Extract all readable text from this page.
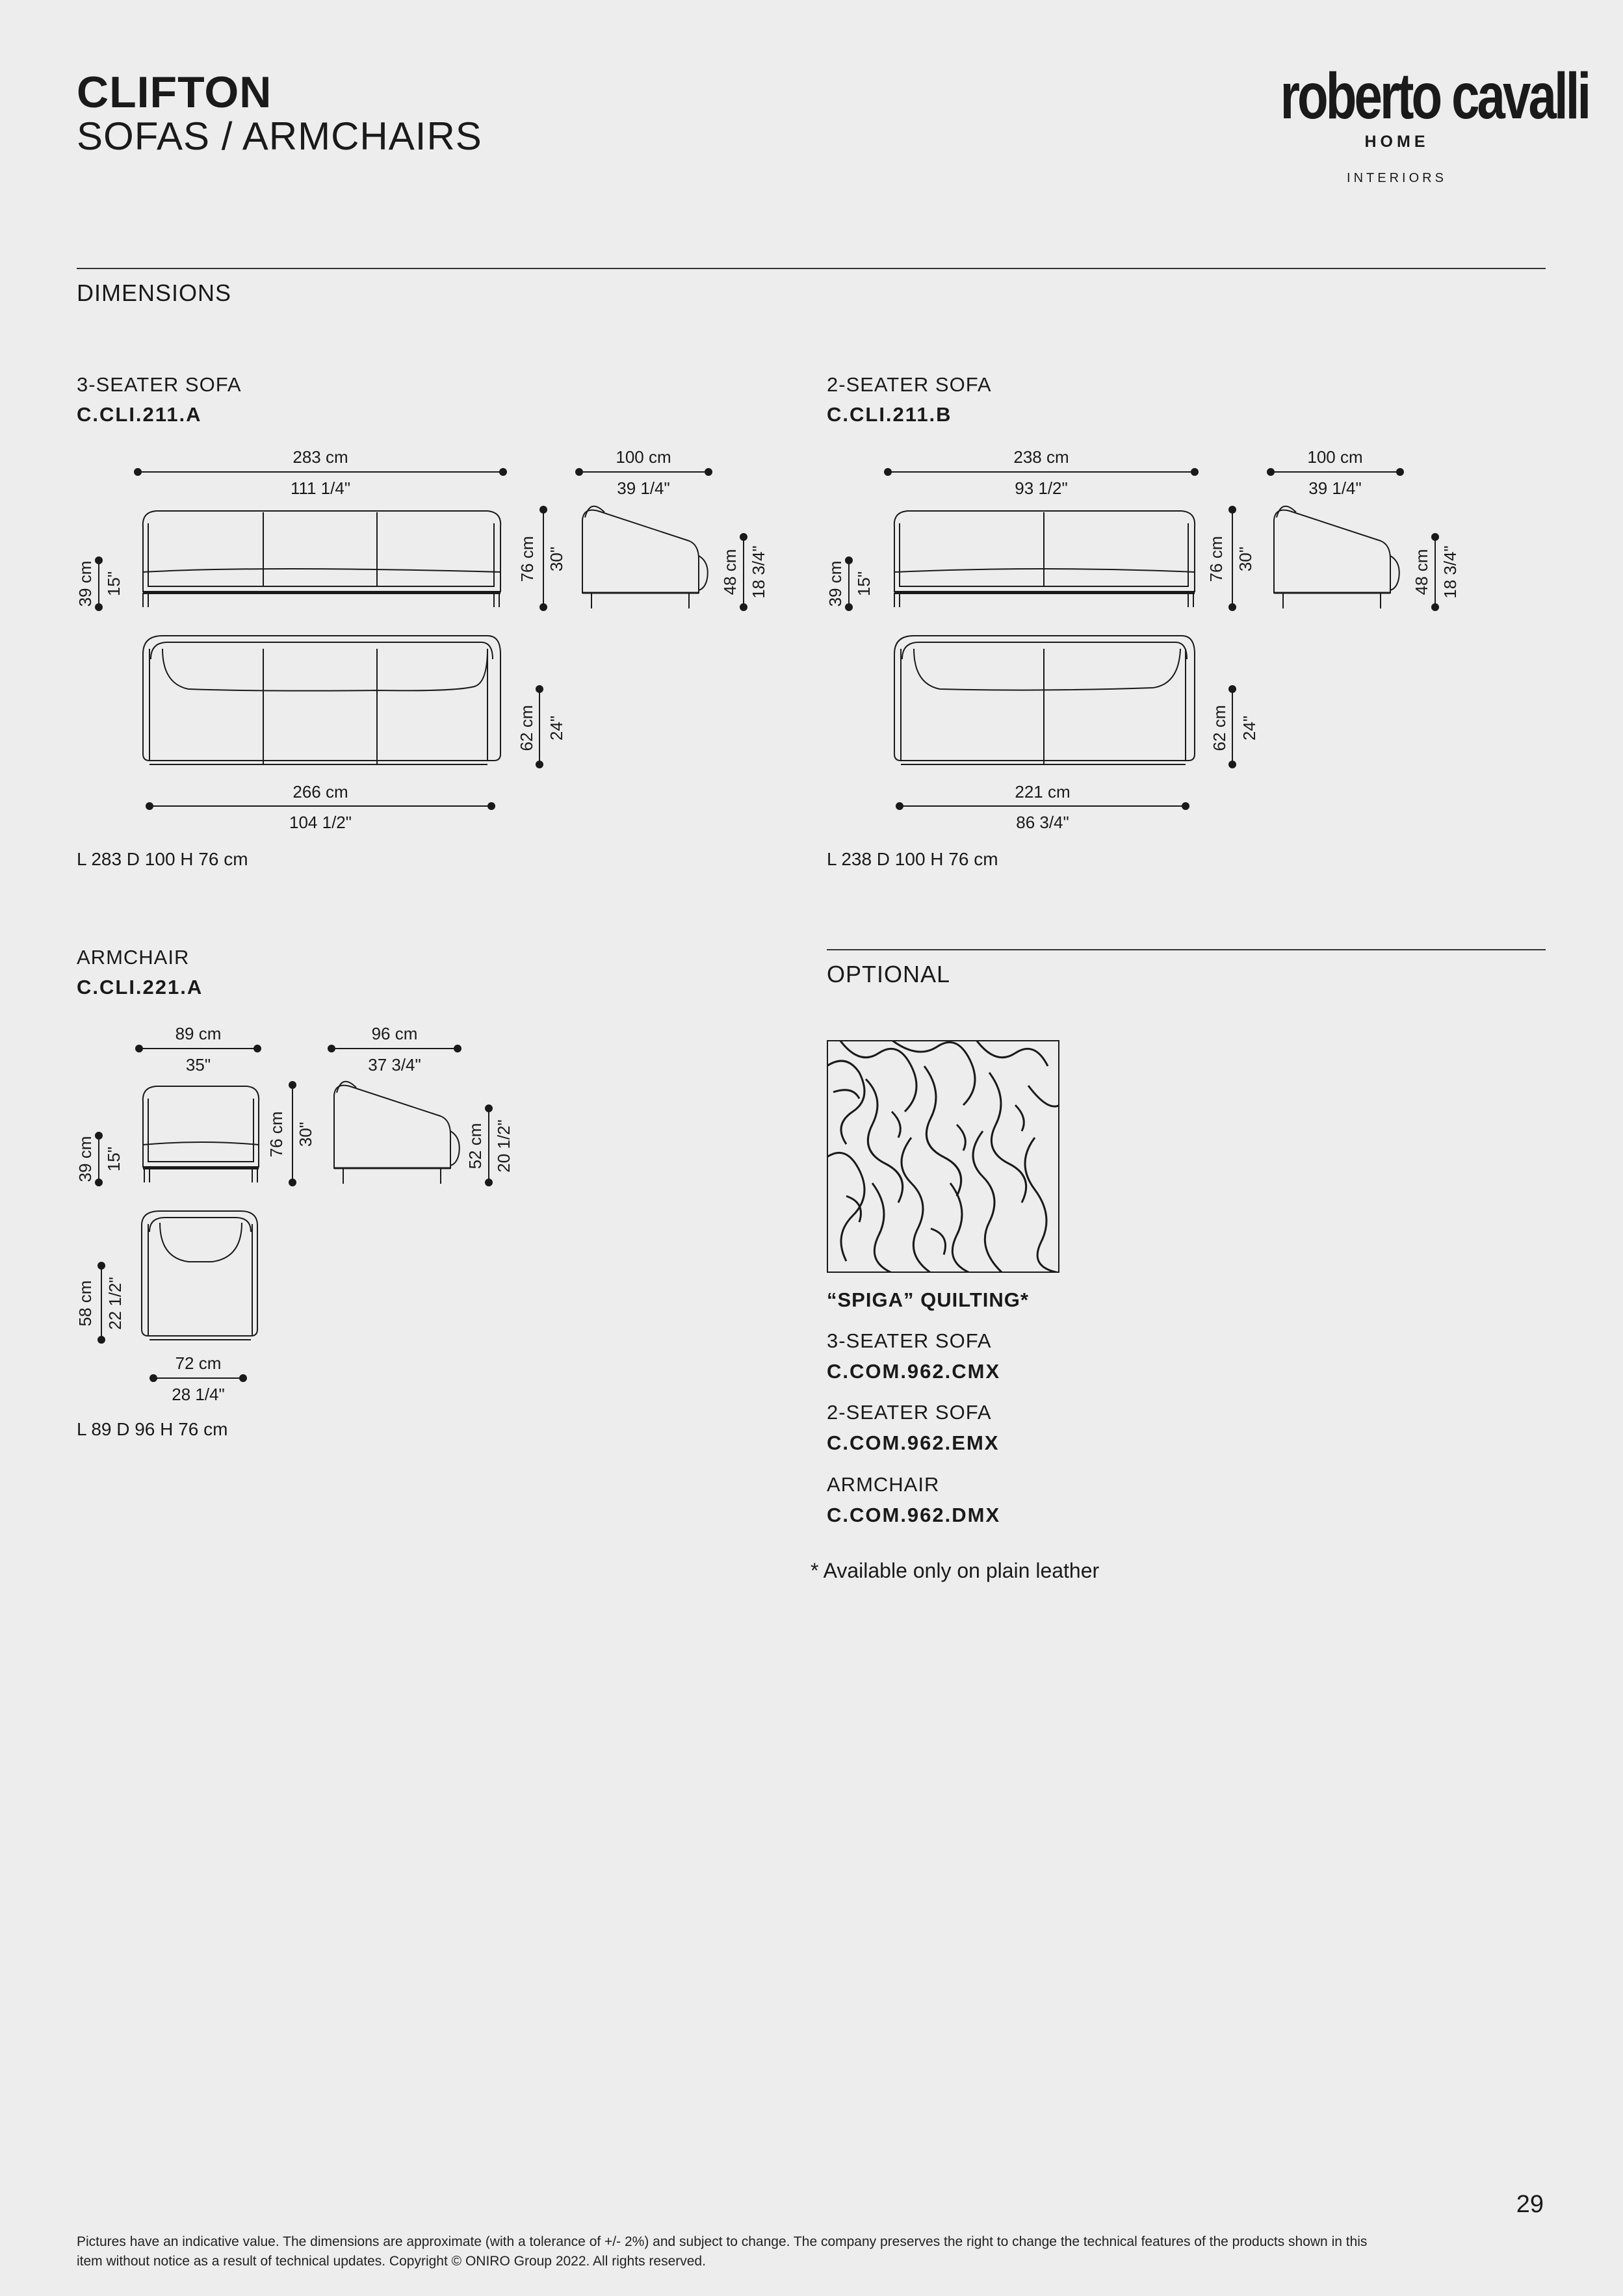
CLIFTON
SOFAS / ARMCHAIRS
roberto cavalli
HOME
INTERIORS
DIMENSIONS
3-SEATER SOFA
C.CLI.211.A
283 cm
111 1/4"
100 cm
39 1/4"
39 cm 15"
76 cm 30"	48 cm 18 3/4"
62 cm 24"
266 cm
104 1/2"
L 283 D 100 H 76 cm
2-SEATER SOFA
C.CLI.211.B
238 cm
93 1/2"
100 cm
39 1/4"
39 cm 15"
76 cm 30"	48 cm 18 3/4"
62 cm 24"
221 cm
86 3/4"
L 238 D 100 H 76 cm
ARMCHAIR
C.CLI.221.A
89 cm
35"
96 cm
37 3/4"
39 cm 15"
76 cm 30"	52 cm 20 1/2"
58 cm 22 1/2"
72 cm
28 1/4"
L 89 D 96 H 76 cm
OPTIONAL
“SPIGA” QUILTING*
3-SEATER SOFA
C.COM.962.CMX
2-SEATER SOFA
C.COM.962.EMX
ARMCHAIR
C.COM.962.DMX
* Available only on plain leather
29
Pictures have an indicative value. The dimensions are approximate (with a tolerance of +/- 2%) and subject to change. The company preserves the right to change the technical features of the products shown in this item without notice as a result of technical updates. Copyright © ONIRO Group 2022. All rights reserved.
